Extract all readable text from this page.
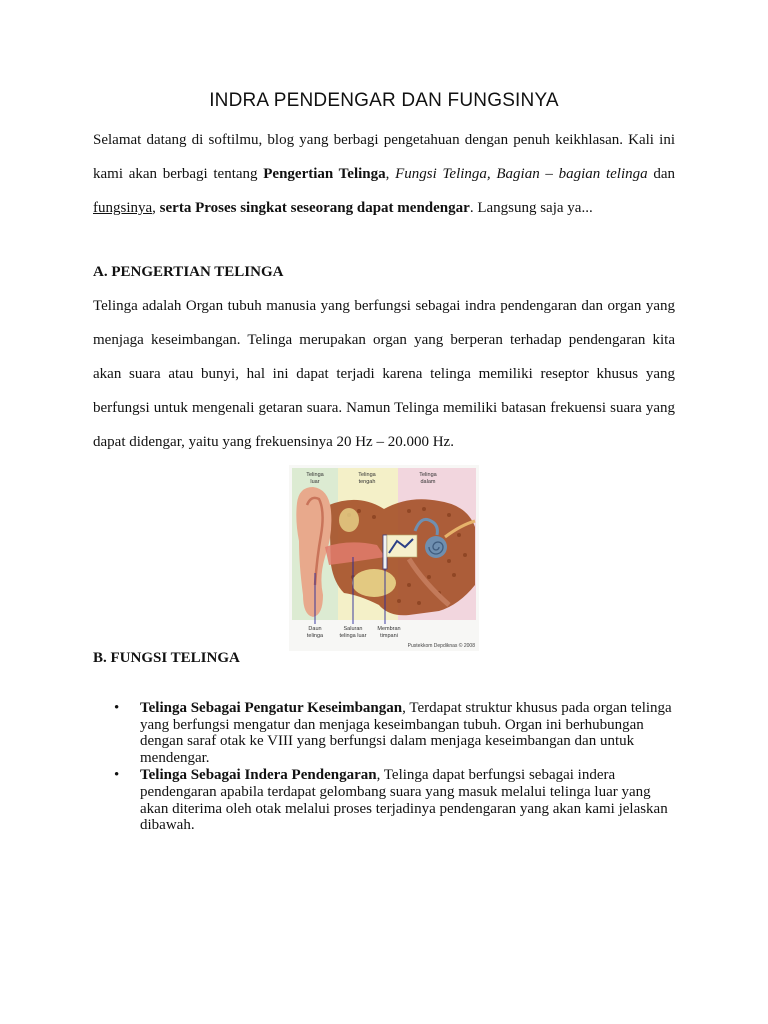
INDRA PENDENGAR DAN FUNGSINYA

Selamat datang di softilmu, blog yang berbagi pengetahuan dengan penuh keikhlasan. Kali ini kami akan berbagi tentang Pengertian Telinga, Fungsi Telinga, Bagian – bagian telinga dan fungsinya, serta Proses singkat seseorang dapat mendengar. Langsung saja ya...

A. PENGERTIAN TELINGA

Telinga adalah Organ tubuh manusia yang berfungsi sebagai indra pendengaran dan organ yang menjaga keseimbangan. Telinga merupakan organ yang berperan terhadap pendengaran kita akan suara atau bunyi, hal ini dapat terjadi karena telinga memiliki reseptor khusus yang berfungsi untuk mengenali getaran suara. Namun Telinga memiliki batasan frekuensi suara yang dapat didengar, yaitu yang frekuensinya 20 Hz – 20.000 Hz.

Telinga
luar
Telinga
tengah
Telinga
dalam
Daun
telinga
Saluran
telinga luar
Membran
timpani
Pustekkom Depdiknas © 2008
B. FUNGSI TELINGA
• Telinga Sebagai Pengatur Keseimbangan, Terdapat struktur khusus pada organ telinga yang berfungsi mengatur dan menjaga keseimbangan tubuh. Organ ini berhubungan dengan saraf otak ke VIII yang berfungsi dalam menjaga keseimbangan dan untuk mendengar.
• Telinga Sebagai Indera Pendengaran, Telinga dapat berfungsi sebagai indera pendengaran apabila terdapat gelombang suara yang masuk melalui telinga luar yang akan diterima oleh otak melalui proses terjadinya pendengaran yang akan kami jelaskan dibawah.
